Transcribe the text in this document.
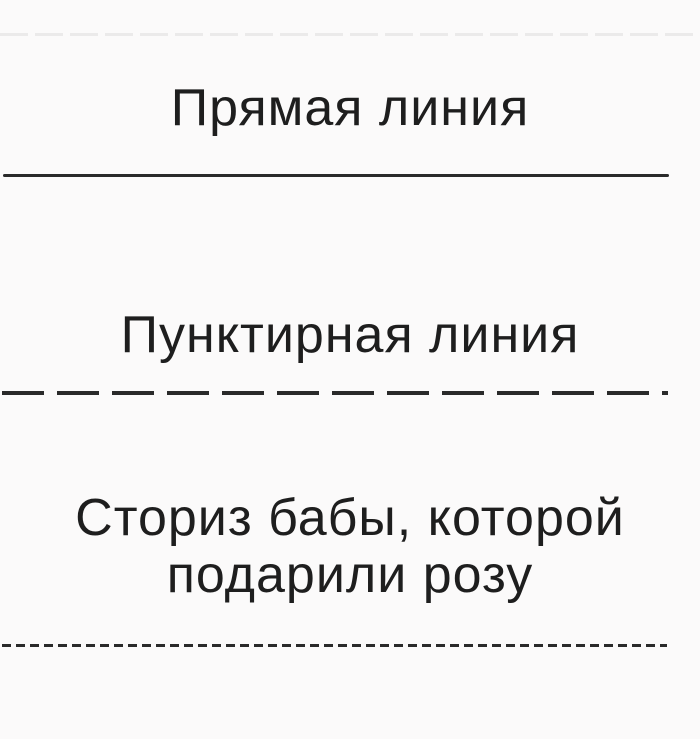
Прямая линия
Пунктирная линия
Сториз бабы, которой подарили розу
